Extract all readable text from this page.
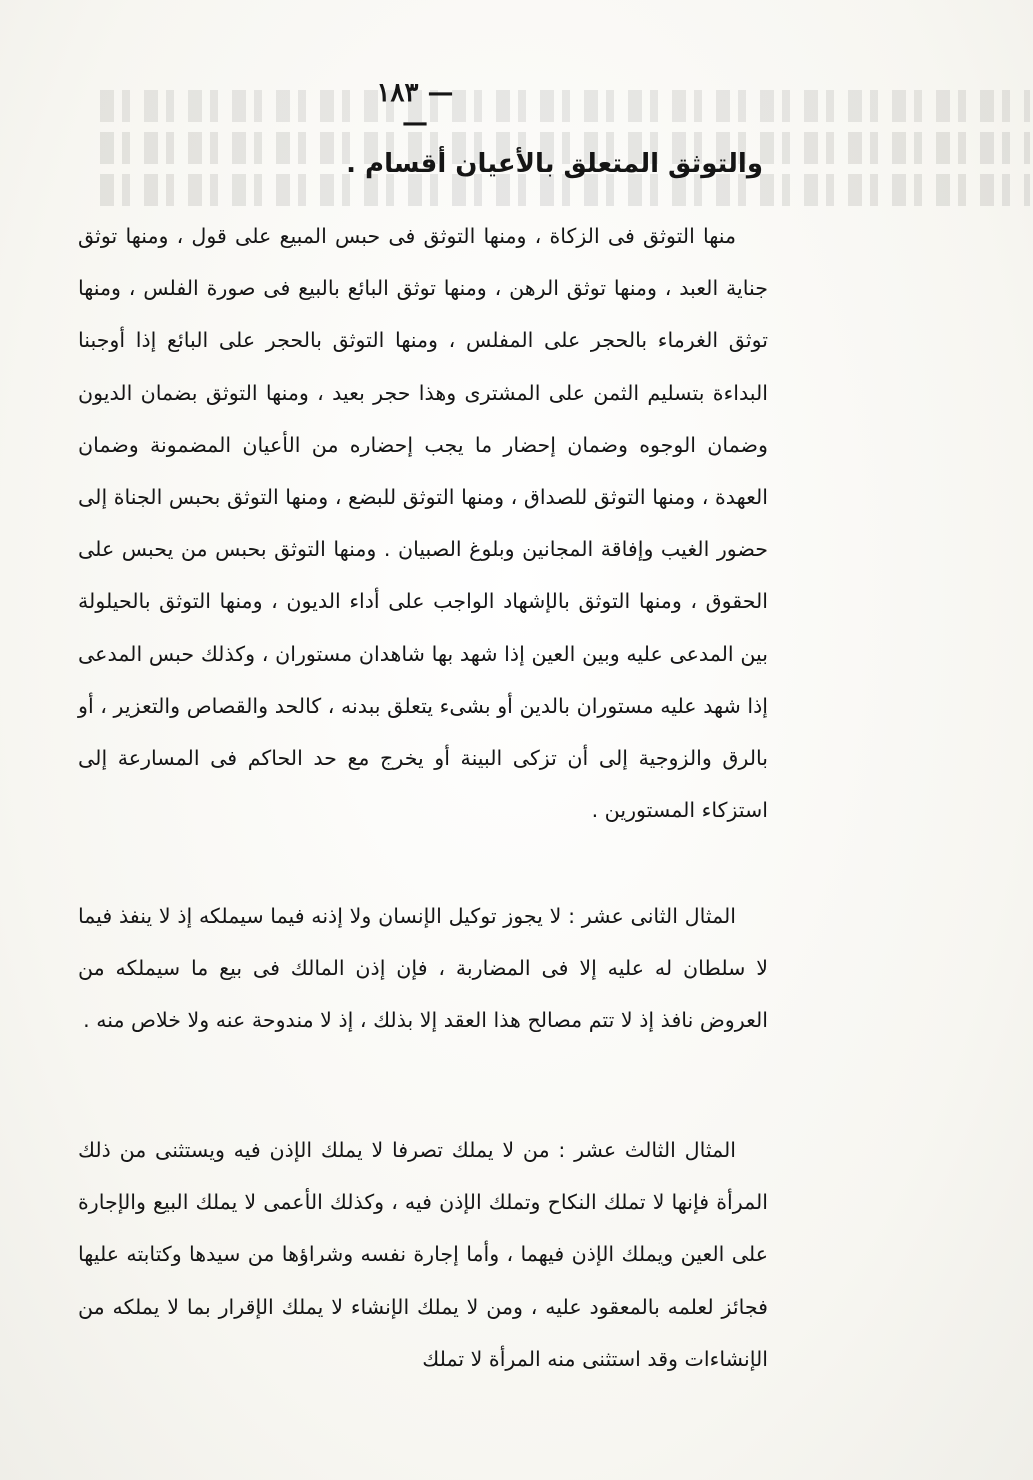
— ١٨٣ —
والتوثق المتعلق بالأعيان أقسام .

منها التوثق فى الزكاة ، ومنها التوثق فى حبس المبيع على قول ، ومنها توثق جناية العبد ، ومنها توثق الرهن ، ومنها توثق البائع بالبيع فى صورة الفلس ، ومنها توثق الغرماء بالحجر على المفلس ، ومنها التوثق بالحجر على البائع إذا أوجبنا البداءة بتسليم الثمن على المشترى وهذا حجر بعيد ، ومنها التوثق بضمان الديون وضمان الوجوه وضمان إحضار ما يجب إحضاره من الأعيان المضمونة وضمان العهدة ، ومنها التوثق للصداق ، ومنها التوثق للبضع ، ومنها التوثق بحبس الجناة إلى حضور الغيب وإفاقة المجانين وبلوغ الصبيان . ومنها التوثق بحبس من يحبس على الحقوق ، ومنها التوثق بالإشهاد الواجب على أداء الديون ، ومنها التوثق بالحيلولة بين المدعى عليه وبين العين إذا شهد بها شاهدان مستوران ، وكذلك حبس المدعى إذا شهد عليه مستوران بالدين أو بشىء يتعلق ببدنه ، كالحد والقصاص والتعزير ، أو بالرق والزوجية إلى أن تزكى البينة أو يخرج مع حد الحاكم فى المسارعة إلى استزكاء المستورين .

المثال الثانى عشر : لا يجوز توكيل الإنسان ولا إذنه فيما سيملكه إذ لا ينفذ فيما لا سلطان له عليه إلا فى المضاربة ، فإن إذن المالك فى بيع ما سيملكه من العروض نافذ إذ لا تتم مصالح هذا العقد إلا بذلك ، إذ لا مندوحة عنه ولا خلاص منه .

المثال الثالث عشر : من لا يملك تصرفا لا يملك الإذن فيه ويستثنى من ذلك المرأة فإنها لا تملك النكاح وتملك الإذن فيه ، وكذلك الأعمى لا يملك البيع والإجارة على العين ويملك الإذن فيهما ، وأما إجارة نفسه وشراؤها من سيدها وكتابته عليها فجائز لعلمه بالمعقود عليه ، ومن لا يملك الإنشاء لا يملك الإقرار بما لا يملكه من الإنشاءات وقد استثنى منه المرأة لا تملك
